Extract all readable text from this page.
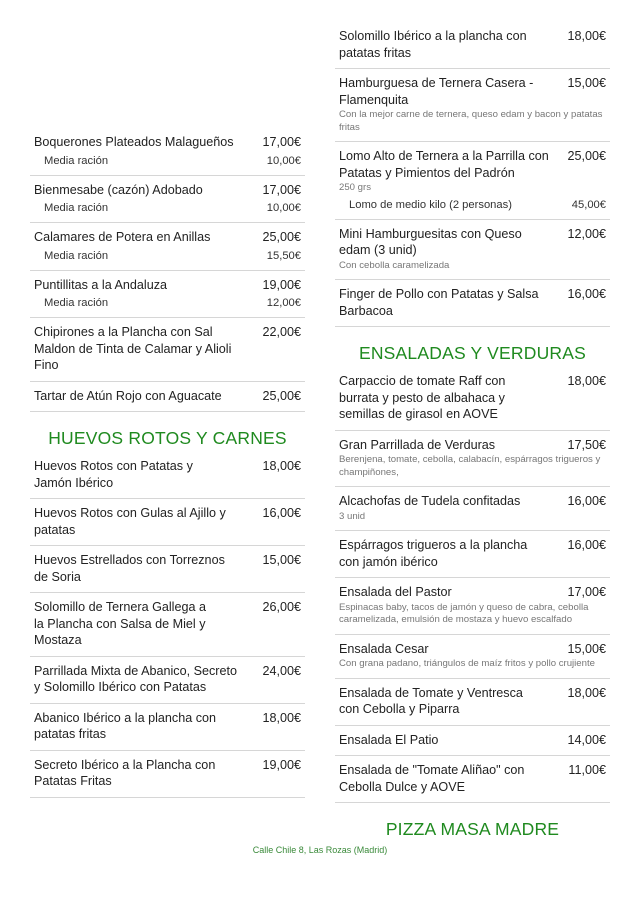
Boquerones Plateados Malagueños 17,00€
Media ración	10,00€
Bienmesabe (cazón) Adobado	17,00€
Media ración	10,00€
Calamares de Potera en Anillas	25,00€
Media ración	15,50€
Puntillitas a la Andaluza	19,00€
Media ración	12,00€
Chipirones a la Plancha con Sal Maldon de Tinta de Calamar y Alioli Fino
22,00€
Tartar de Atún Rojo con Aguacate	25,00€
HUEVOS ROTOS Y CARNES
Huevos Rotos con Patatas y Jamón Ibérico
18,00€
Huevos Rotos con Gulas al Ajillo y patatas
16,00€
Huevos Estrellados con Torreznos de Soria
15,00€
Solomillo de Ternera Gallega a la Plancha con Salsa de Miel y Mostaza
26,00€
Parrillada Mixta de Abanico, Secreto y Solomillo Ibérico con Patatas
24,00€
Abanico Ibérico a la plancha con patatas fritas
18,00€
Secreto Ibérico a la Plancha con Patatas Fritas
19,00€
Solomillo Ibérico a la plancha con patatas fritas
18,00€
Hamburguesa de Ternera Casera - Flamenquita
15,00€
Con la mejor carne de ternera, queso edam y bacon y patatas fritas
Lomo Alto de Ternera a la Parrilla con Patatas y Pimientos del Padrón
25,00€
250 grs
Lomo de medio kilo (2 personas)	45,00€
Mini Hamburguesitas con Queso edam (3 unid)
12,00€
Con cebolla caramelizada
Finger de Pollo con Patatas y Salsa Barbacoa
16,00€
ENSALADAS Y VERDURAS
Carpaccio de tomate Raff con burrata y pesto de albahaca y semillas de girasol en AOVE
18,00€
Gran Parrillada de Verduras	17,50€
Berenjena, tomate, cebolla, calabacín, espárragos trigueros y champiñones,
Alcachofas de Tudela confitadas	16,00€
3 unid
Espárragos trigueros a la plancha con jamón ibérico
16,00€
Ensalada del Pastor	17,00€
Espinacas baby, tacos de jamón y queso de cabra, cebolla caramelizada, emulsión de mostaza y huevo escalfado
Ensalada Cesar	15,00€
Con grana padano, triángulos de maíz fritos y pollo crujiente
Ensalada de Tomate y Ventresca con Cebolla y Piparra
18,00€
Ensalada El Patio	14,00€
Ensalada de "Tomate Aliñao" con Cebolla Dulce y AOVE
11,00€
PIZZA MASA MADRE
Calle Chile 8, Las Rozas (Madrid)
